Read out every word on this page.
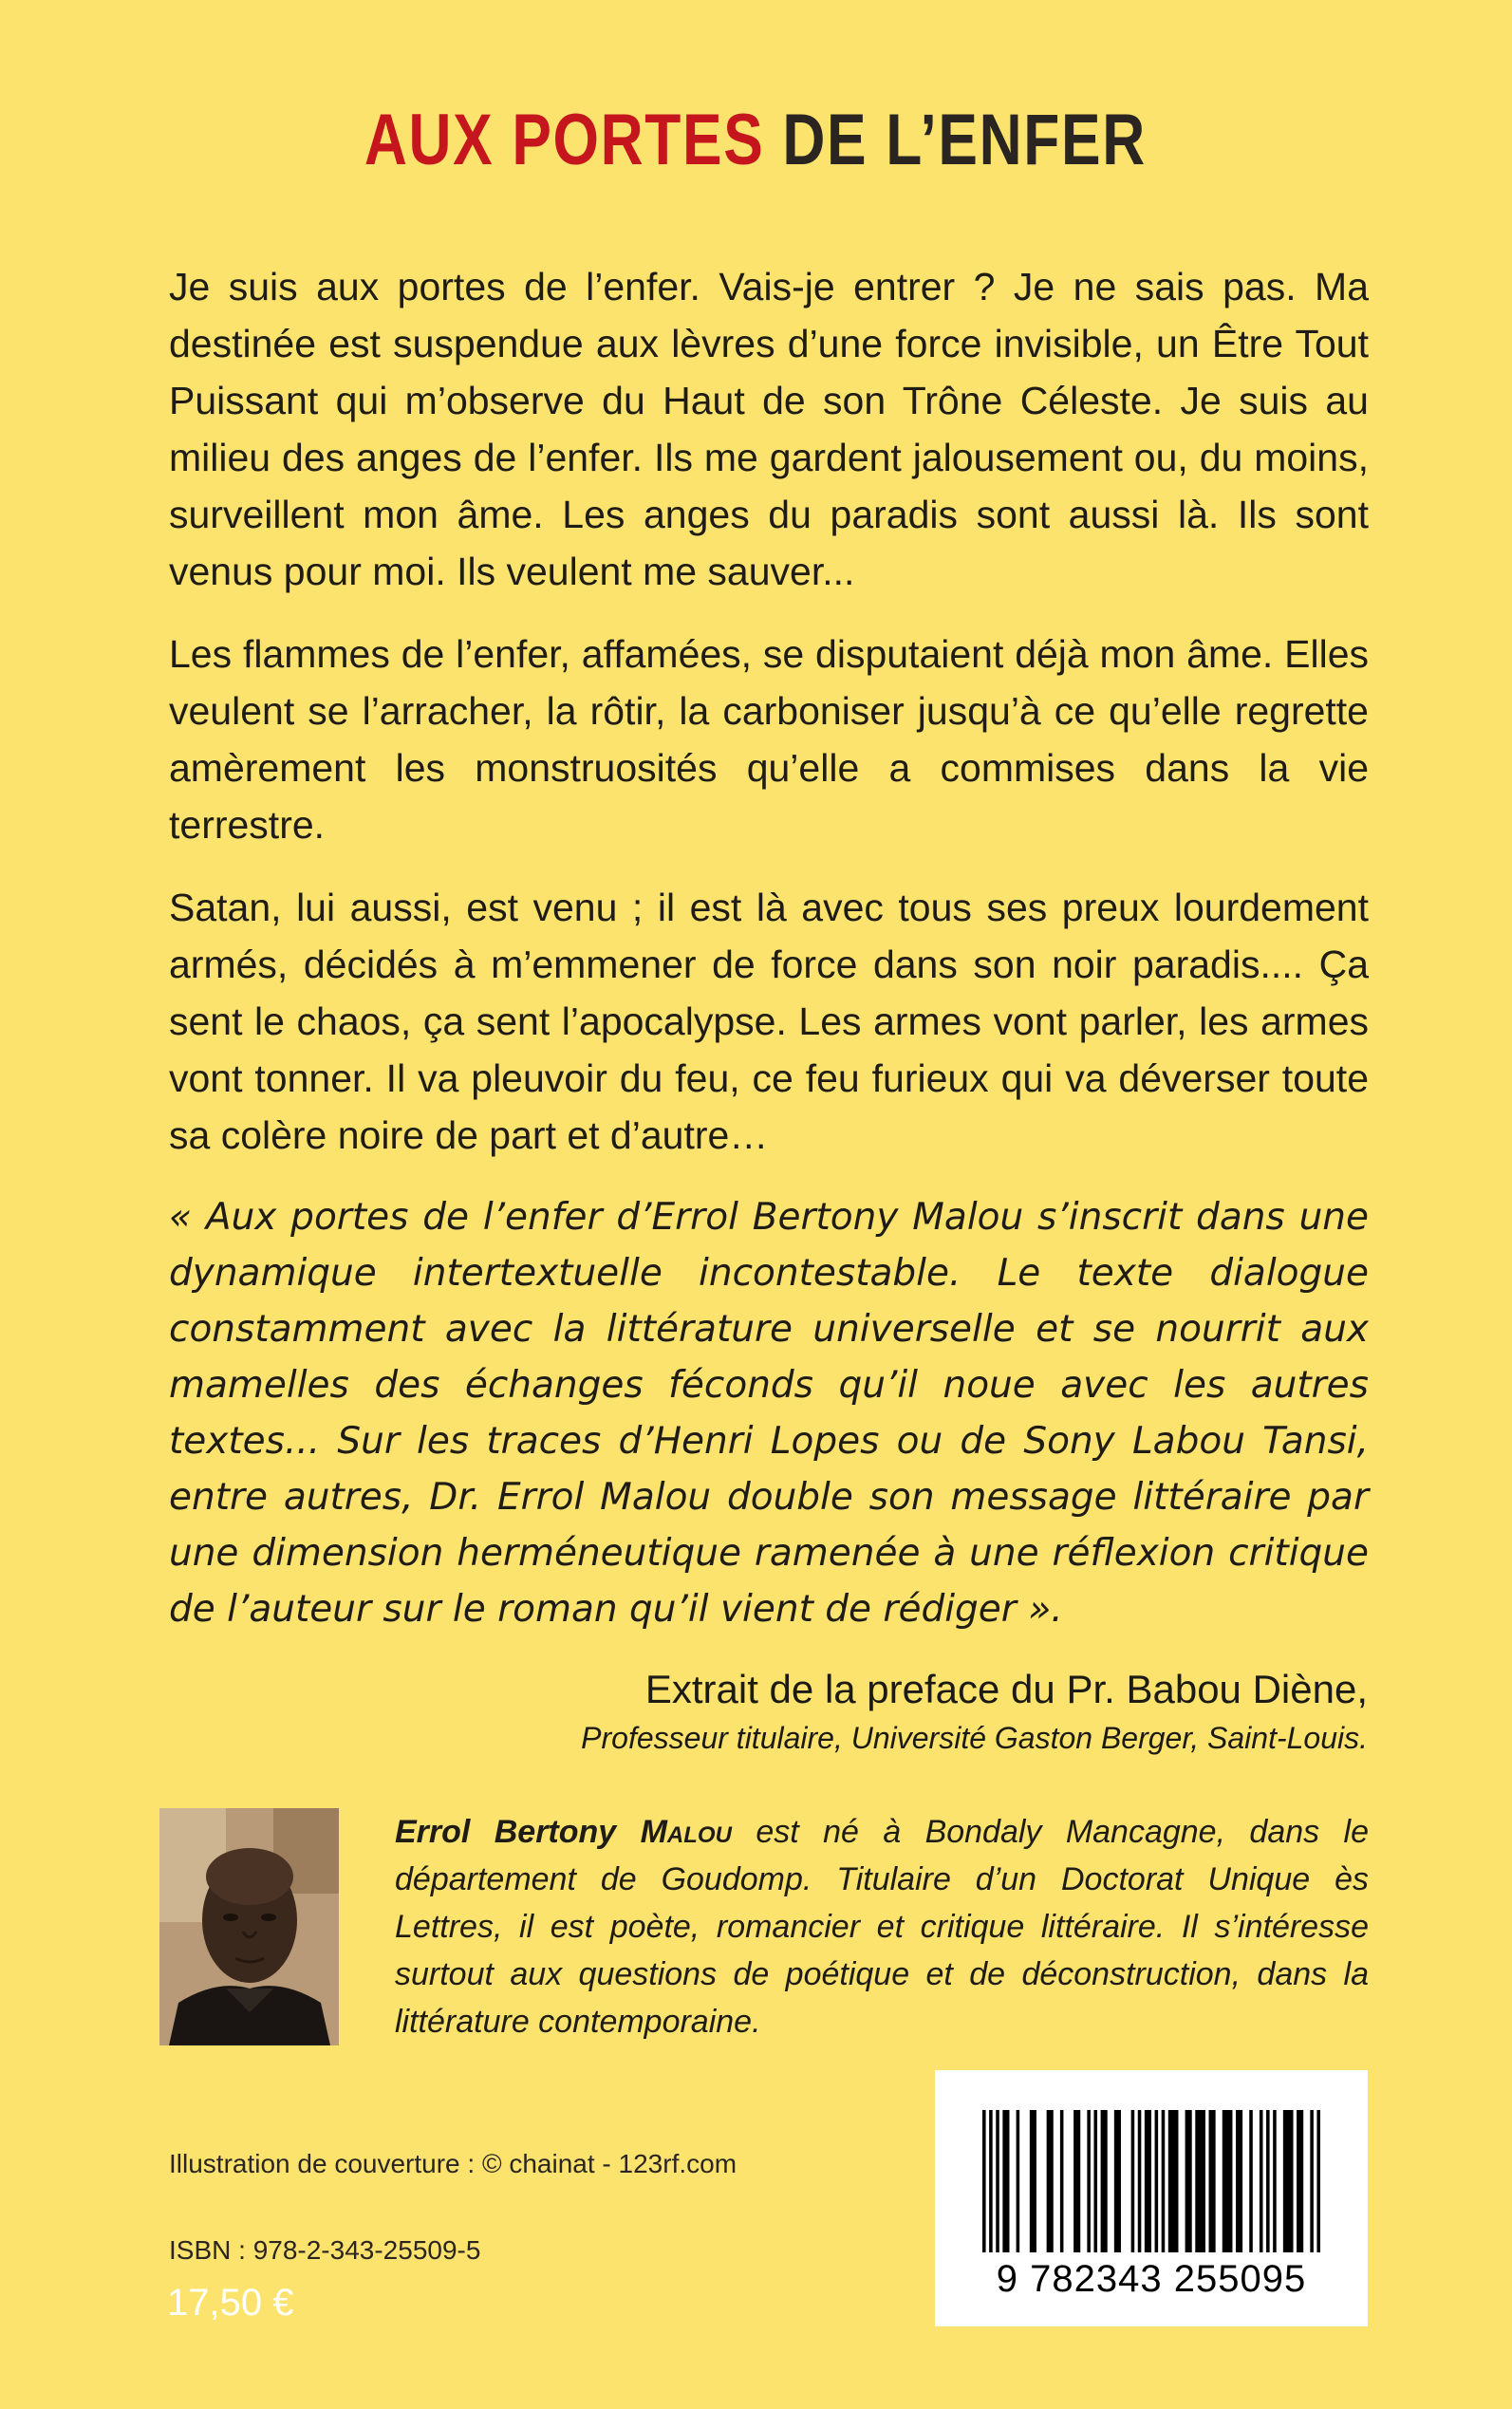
AUX PORTES DE L’ENFER

Je suis aux portes de l’enfer. Vais-je entrer ? Je ne sais pas. Ma destinée est suspendue aux lèvres d’une force invisible, un Être Tout Puissant qui m’observe du Haut de son Trône Céleste. Je suis au milieu des anges de l’enfer. Ils me gardent jalousement ou, du moins, surveillent mon âme. Les anges du paradis sont aussi là. Ils sont venus pour moi. Ils veulent me sauver...

Les flammes de l’enfer, affamées, se disputaient déjà mon âme. Elles veulent se l’arracher, la rôtir, la carboniser jusqu’à ce qu’elle regrette amèrement les monstruosités qu’elle a commises dans la vie terrestre.

Satan, lui aussi, est venu ; il est là avec tous ses preux lourdement armés, décidés à m’emmener de force dans son noir paradis.... Ça sent le chaos, ça sent l’apocalypse. Les armes vont parler, les armes vont tonner. Il va pleuvoir du feu, ce feu furieux qui va déverser toute sa colère noire de part et d’autre…

« Aux portes de l’enfer d’Errol Bertony Malou s’inscrit dans une dynamique intertextuelle incontestable. Le texte dialogue constamment avec la littérature universelle et se nourrit aux mamelles des échanges féconds qu’il noue avec les autres textes... Sur les traces d’Henri Lopes ou de Sony Labou Tansi, entre autres, Dr. Errol Malou double son message littéraire par une dimension herméneutique ramenée à une réflexion critique de l’auteur sur le roman qu’il vient de rédiger ».

Extrait de la preface du Pr. Babou Diène,
Professeur titulaire, Université Gaston Berger, Saint-Louis.
Errol Bertony Malou est né à Bondaly Mancagne, dans le département de Goudomp. Titulaire d’un Doctorat Unique ès Lettres, il est poète, romancier et critique littéraire. Il s’intéresse surtout aux questions de poétique et de déconstruction, dans la littérature contemporaine.
Illustration de couverture : © chainat - 123rf.com
ISBN : 978-2-343-25509-5
17,50 €
9 782343 255095
